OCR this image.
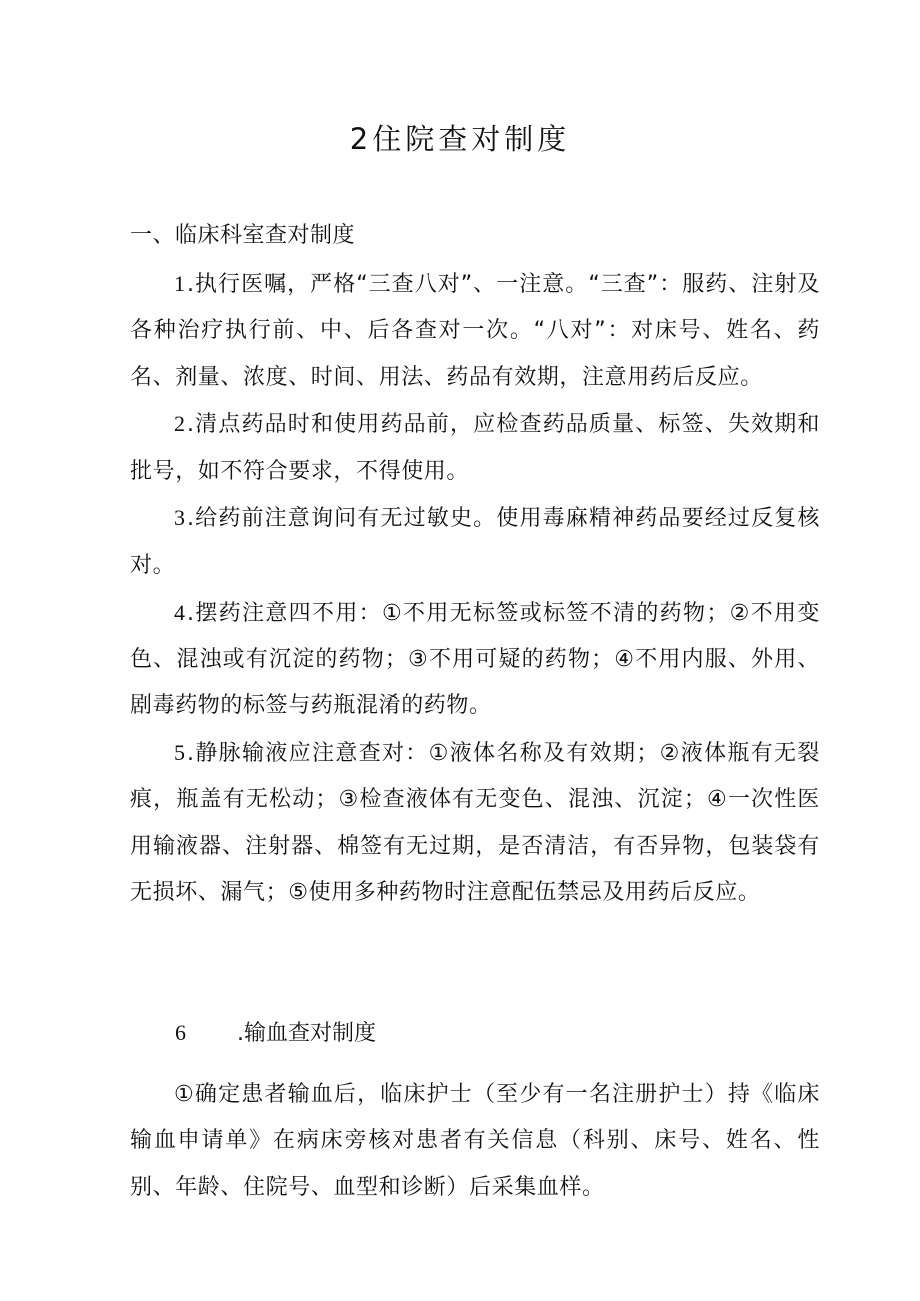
2住院查对制度
一、临床科室查对制度

1.执行医嘱，严格“三查八对”、一注意。“三查”：服药、注射及各种治疗执行前、中、后各查对一次。“八对”：对床号、姓名、药名、剂量、浓度、时间、用法、药品有效期，注意用药后反应。

2.清点药品时和使用药品前，应检查药品质量、标签、失效期和批号，如不符合要求，不得使用。

3.给药前注意询问有无过敏史。使用毒麻精神药品要经过反复核对。

4.摆药注意四不用：①不用无标签或标签不清的药物；②不用变色、混浊或有沉淀的药物；③不用可疑的药物；④不用内服、外用、剧毒药物的标签与药瓶混淆的药物。

5.静脉输液应注意查对：①液体名称及有效期；②液体瓶有无裂痕，瓶盖有无松动；③检查液体有无变色、混浊、沉淀；④一次性医用输液器、注射器、棉签有无过期，是否清洁，有否异物，包装袋有无损坏、漏气；⑤使用多种药物时注意配伍禁忌及用药后反应。

6 .输血查对制度

①确定患者输血后，临床护士（至少有一名注册护士）持《临床输血申请单》在病床旁核对患者有关信息（科别、床号、姓名、性别、年龄、住院号、血型和诊断）后采集血样。
